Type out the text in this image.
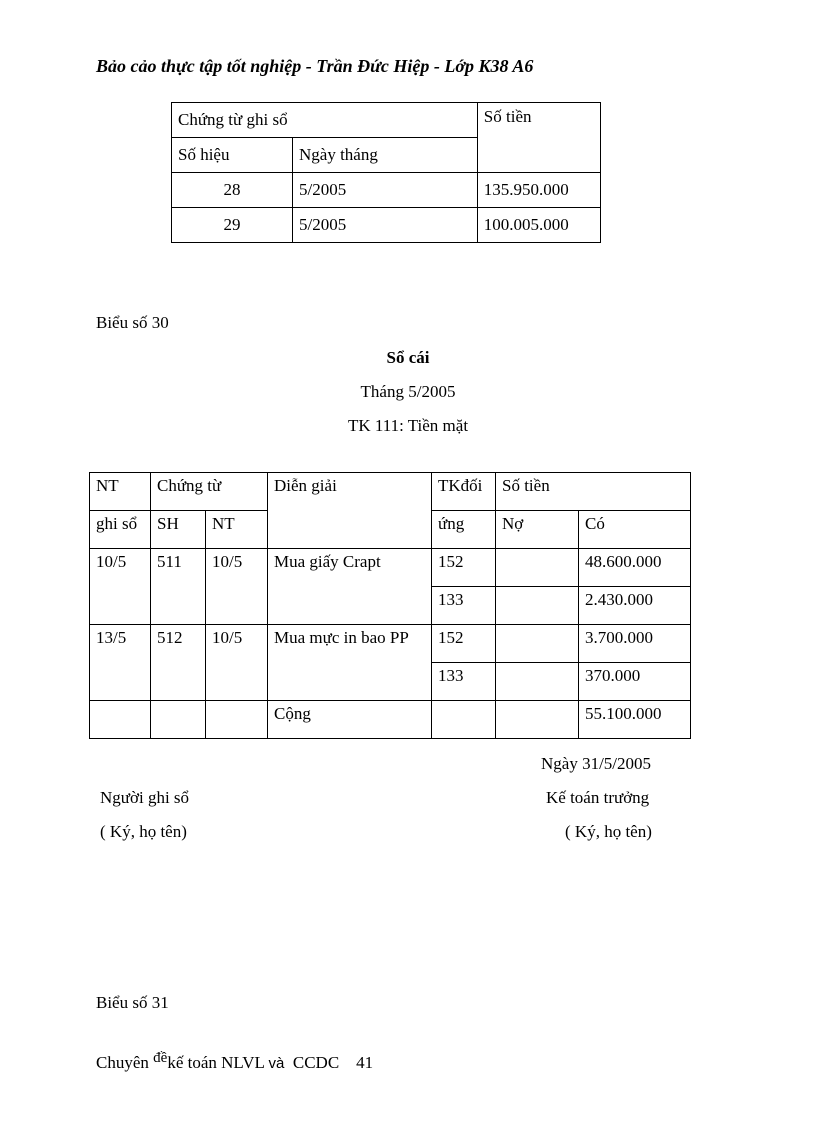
Bảo cảo thực tập tốt nghiệp - Trần Đức Hiệp - Lớp K38 A6
Chứng từ ghi sổ		Số tiền
Số hiệu	Ngày tháng	
28	5/2005	135.950.000
29	5/2005	100.005.000
Biểu số 30
Sổ cái
Tháng 5/2005
TK 111: Tiền mặt
NT	Chứng từ		Diễn giải	TKđối	Số tiền	
ghi sổ	SH	NT		ứng	Nợ	Có
10/5	511	10/5	Mua giấy Crapt	152		48.600.000
				133		2.430.000
13/5	512	10/5	Mua mực in bao PP	152		3.700.000
				133		370.000
			Cộng			55.100.000
Ngày 31/5/2005
Người ghi sổ
( Ký, họ tên)
Kế toán trưởng
( Ký, họ tên)
Biểu số 31
Chuyên đềkế toán NLVL và CCDC 41
